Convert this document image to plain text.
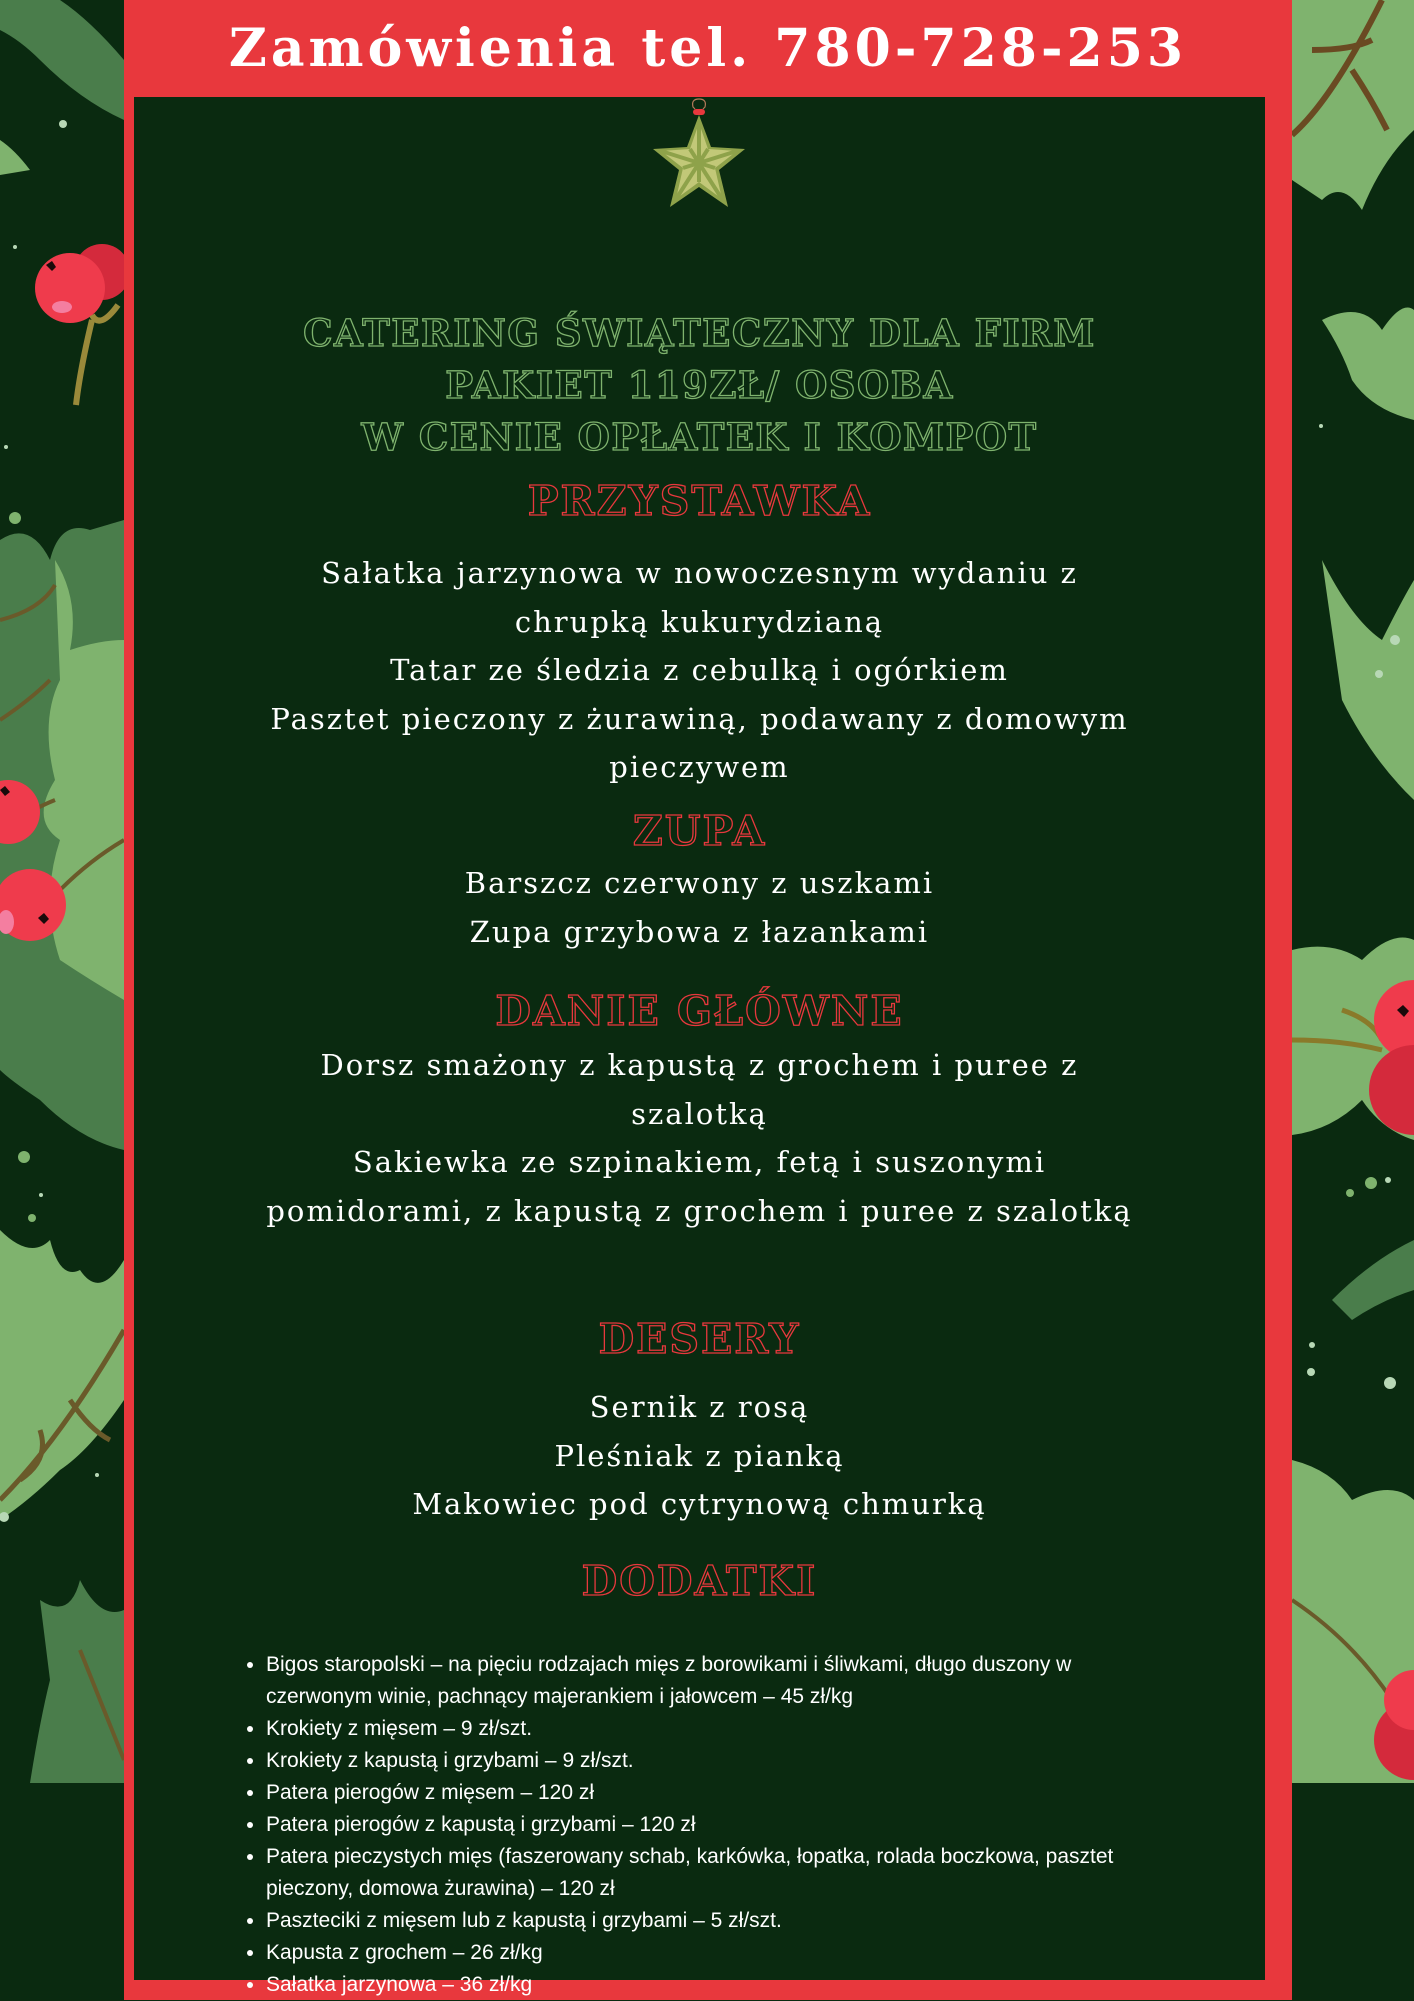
Zamówienia tel. 780-728-253

CATERING ŚWIĄTECZNY DLA FIRM

PAKIET 119ZŁ/ OSOBA

W CENIE OPŁATEK I KOMPOT

PRZYSTAWKA

Sałatka jarzynowa w nowoczesnym wydaniu z chrupką kukurydzianą

Tatar ze śledzia z cebulką i ogórkiem

Pasztet pieczony z żurawiną, podawany z domowym pieczywem

ZUPA

Barszcz czerwony z uszkami

Zupa grzybowa z łazankami

DANIE GŁÓWNE

Dorsz smażony z kapustą z grochem i puree z szalotką

Sakiewka ze szpinakiem, fetą i suszonymi pomidorami, z kapustą z grochem i puree z szalotką

DESERY

Sernik z rosą

Pleśniak z pianką

Makowiec pod cytrynową chmurką

DODATKI
• Bigos staropolski – na pięciu rodzajach mięs z borowikami i śliwkami, długo duszony w czerwonym winie, pachnący majerankiem i jałowcem – 45 zł/kg
• Krokiety z mięsem – 9 zł/szt.
• Krokiety z kapustą i grzybami – 9 zł/szt.
• Patera pierogów z mięsem – 120 zł
• Patera pierogów z kapustą i grzybami – 120 zł
• Patera pieczystych mięs (faszerowany schab, karkówka, łopatka, rolada boczkowa, pasztet pieczony, domowa żurawina) – 120 zł
• Paszteciki z mięsem lub z kapustą i grzybami – 5 zł/szt.
• Kapusta z grochem – 26 zł/kg
• Sałatka jarzynowa – 36 zł/kg
